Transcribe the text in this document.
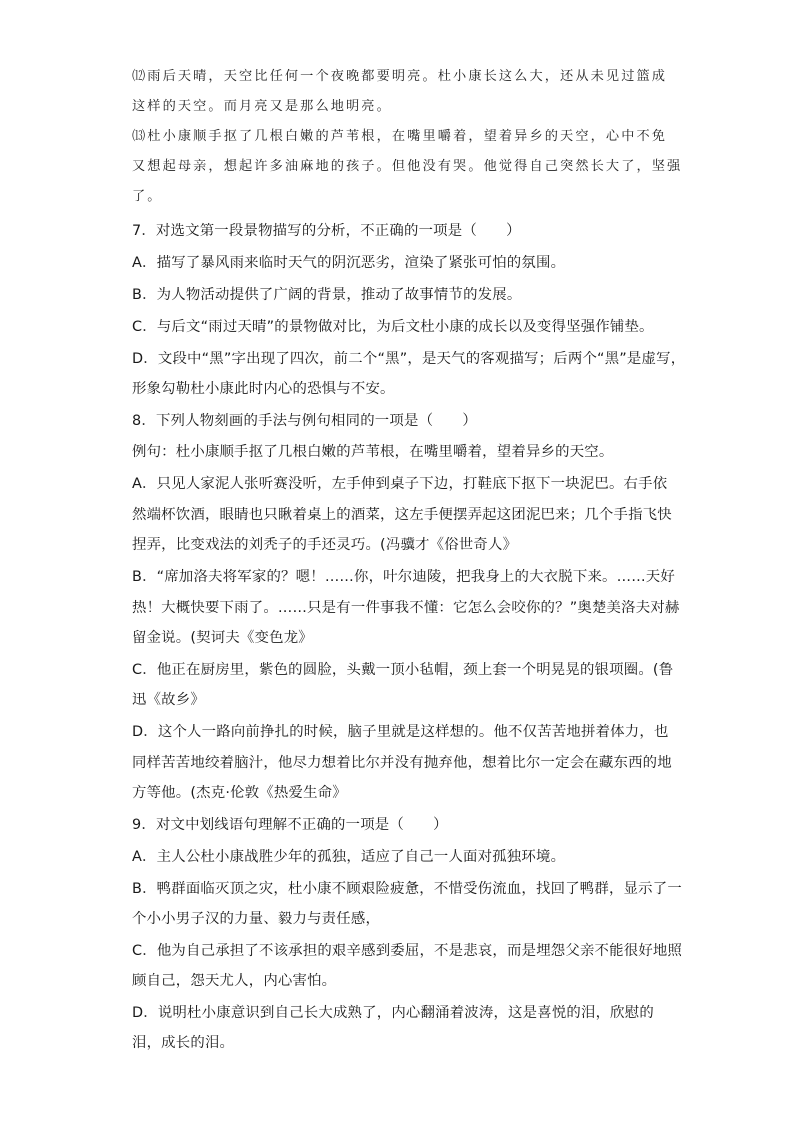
⑿雨后天晴，天空比任何一个夜晚都要明亮。杜小康长这么大，还从未见过篮成
这样的天空。而月亮又是那么地明亮。
⒀杜小康顺手抠了几根白嫩的芦苇根，在嘴里嚼着，望着异乡的天空，心中不免
又想起母亲，想起许多油麻地的孩子。但他没有哭。他觉得自己突然长大了，坚强
了。
7．对选文第一段景物描写的分析，不正确的一项是（　　）
A．描写了暴风雨来临时天气的阴沉恶劣，渲染了紧张可怕的氛围。
B．为人物活动提供了广阔的背景，推动了故事情节的发展。
C．与后文“雨过天晴”的景物做对比，为后文杜小康的成长以及变得坚强作铺垫。
D．文段中“黑”字出现了四次，前二个“黑”，是天气的客观描写；后两个“黑”是虚写，
形象勾勒杜小康此时内心的恐惧与不安。
8．下列人物刻画的手法与例句相同的一项是（　　）
例句：杜小康顺手抠了几根白嫩的芦苇根，在嘴里嚼着，望着异乡的天空。
A．只见人家泥人张听赛没听，左手伸到桌子下边，打鞋底下抠下一块泥巴。右手依
然端杯饮酒，眼睛也只瞅着桌上的酒菜，这左手便摆弄起这团泥巴来；几个手指飞快
捏弄，比变戏法的刘秃子的手还灵巧。(冯骥才《俗世奇人》
B．“席加洛夫将军家的？嗯！……你，叶尔迪陵，把我身上的大衣脱下来。……天好
热！大概快要下雨了。……只是有一件事我不懂：它怎么会咬你的？”奥楚美洛夫对赫
留金说。(契诃夫《变色龙》
C．他正在厨房里，紫色的圆脸，头戴一顶小毡帽，颈上套一个明晃晃的银项圈。(鲁
迅《故乡》
D．这个人一路向前挣扎的时候，脑子里就是这样想的。他不仅苦苦地拼着体力，也
同样苦苦地绞着脑汁，他尽力想着比尔并没有抛弃他，想着比尔一定会在藏东西的地
方等他。(杰克·伦敦《热爱生命》
9．对文中划线语句理解不正确的一项是（　　）
A．主人公杜小康战胜少年的孤独，适应了自己一人面对孤独环境。
B．鸭群面临灭顶之灾，杜小康不顾艰险疲惫，不惜受伤流血，找回了鸭群，显示了一
个小小男子汉的力量、毅力与责任感，
C．他为自己承担了不该承担的艰辛感到委屈，不是悲哀，而是埋怨父亲不能很好地照
顾自己，怨天尤人，内心害怕。
D．说明杜小康意识到自己长大成熟了，内心翻涌着波涛，这是喜悦的泪，欣慰的
泪，成长的泪。
